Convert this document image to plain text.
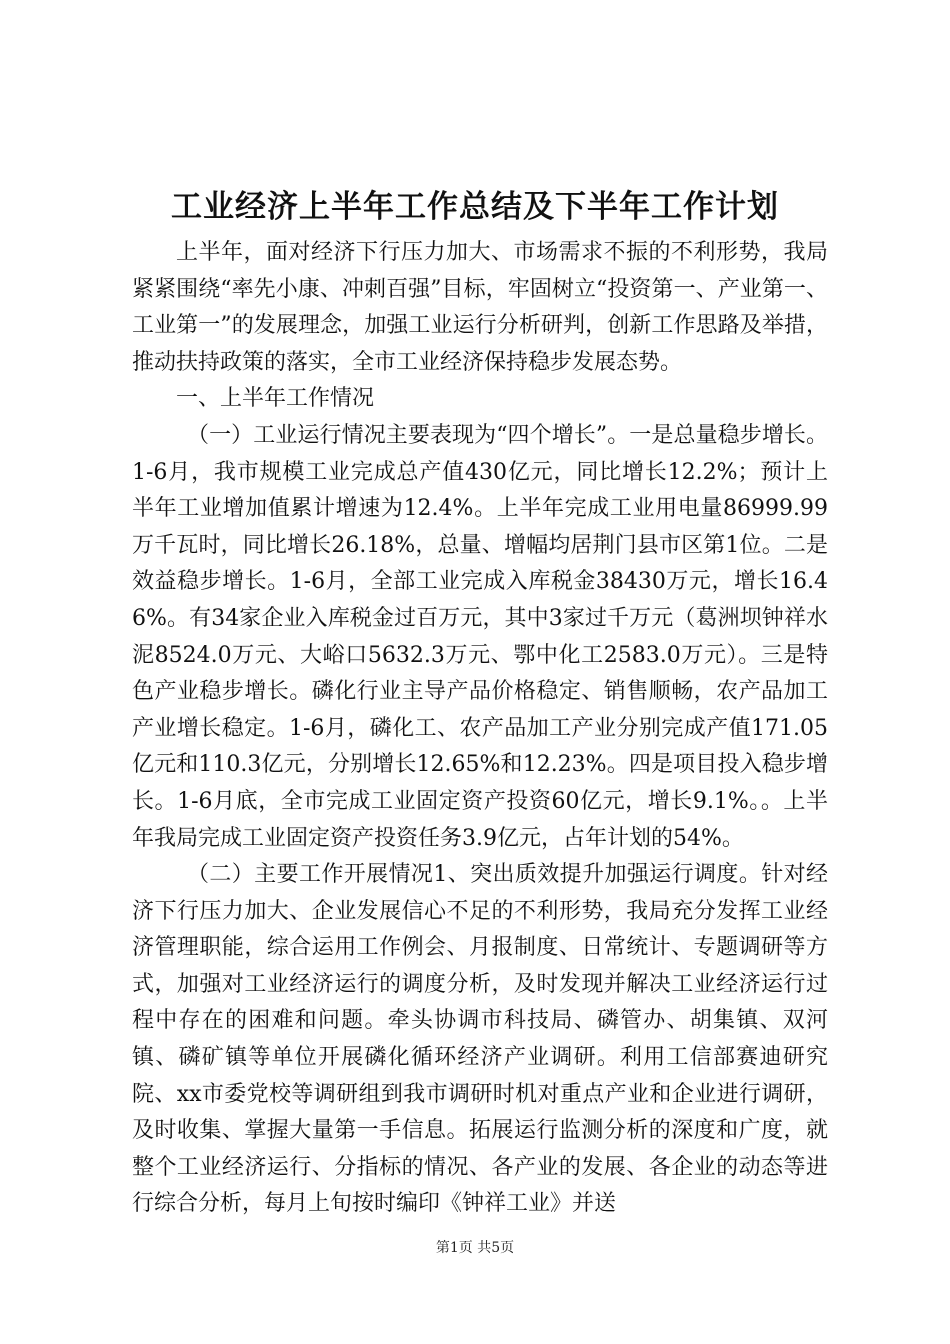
工业经济上半年工作总结及下半年工作计划

上半年，面对经济下行压力加大、市场需求不振的不利形势，我局紧紧围绕“率先小康、冲刺百强”目标，牢固树立“投资第一、产业第一、工业第一”的发展理念，加强工业运行分析研判，创新工作思路及举措，推动扶持政策的落实，全市工业经济保持稳步发展态势。

一、上半年工作情况

（一）工业运行情况主要表现为“四个增长”。一是总量稳步增长。1-6月，我市规模工业完成总产值430亿元，同比增长12.2%；预计上半年工业增加值累计增速为12.4%。上半年完成工业用电量86999.99万千瓦时，同比增长26.18%，总量、增幅均居荆门县市区第1位。二是效益稳步增长。1-6月，全部工业完成入库税金38430万元，增长16.46%。有34家企业入库税金过百万元，其中3家过千万元（葛洲坝钟祥水泥8524.0万元、大峪口5632.3万元、鄂中化工2583.0万元）。三是特色产业稳步增长。磷化行业主导产品价格稳定、销售顺畅，农产品加工产业增长稳定。1-6月，磷化工、农产品加工产业分别完成产值171.05亿元和110.3亿元，分别增长12.65%和12.23%。四是项目投入稳步增长。1-6月底，全市完成工业固定资产投资60亿元，增长9.1%。。上半年我局完成工业固定资产投资任务3.9亿元，占年计划的54%。

（二）主要工作开展情况1、突出质效提升加强运行调度。针对经济下行压力加大、企业发展信心不足的不利形势，我局充分发挥工业经济管理职能，综合运用工作例会、月报制度、日常统计、专题调研等方式，加强对工业经济运行的调度分析，及时发现并解决工业经济运行过程中存在的困难和问题。牵头协调市科技局、磷管办、胡集镇、双河镇、磷矿镇等单位开展磷化循环经济产业调研。利用工信部赛迪研究院、xx市委党校等调研组到我市调研时机对重点产业和企业进行调研，及时收集、掌握大量第一手信息。拓展运行监测分析的深度和广度，就整个工业经济运行、分指标的情况、各产业的发展、各企业的动态等进行综合分析，每月上旬按时编印《钟祥工业》并送

第1页 共5页
